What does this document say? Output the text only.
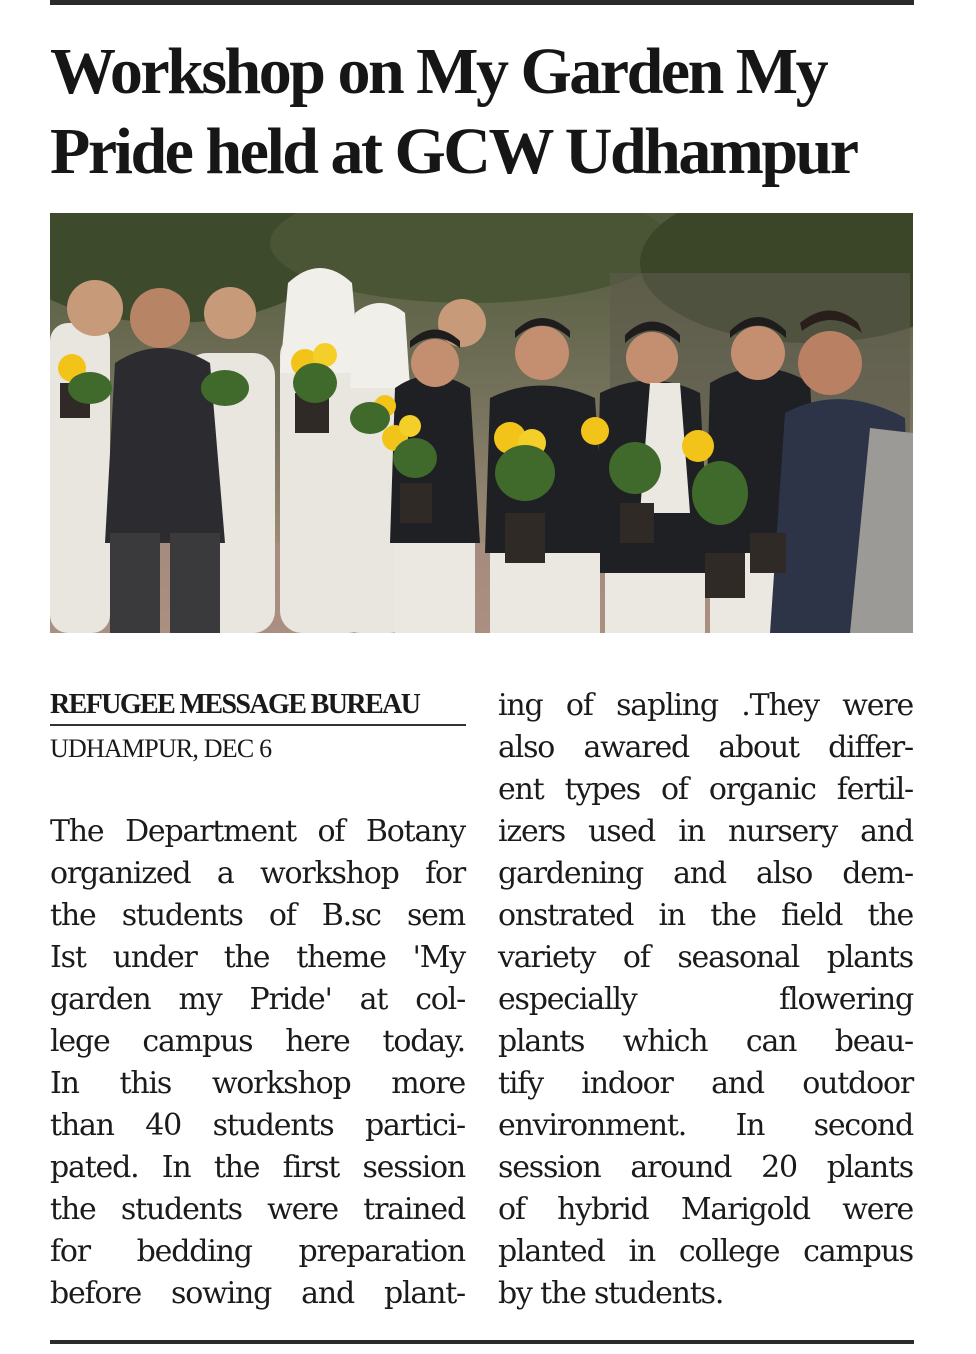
Workshop on My Garden My Pride held at GCW Udhampur
REFUGEE MESSAGE BUREAU
UDHAMPUR, DEC 6
The Department of Botany
organized a workshop for
the students of B.sc sem
Ist under the theme 'My
garden my Pride' at col-
lege campus here today.
In this workshop more
than 40 students partici-
pated. In the first session
the students were trained
for bedding preparation
before sowing and plant-
ing of sapling .They were
also awared about differ-
ent types of organic fertil-
izers used in nursery and
gardening and also dem-
onstrated in the field the
variety of seasonal plants
especially flowering
plants which can beau-
tify indoor and outdoor
environment. In second
session around 20 plants
of hybrid Marigold were
planted in college campus
by the students.
